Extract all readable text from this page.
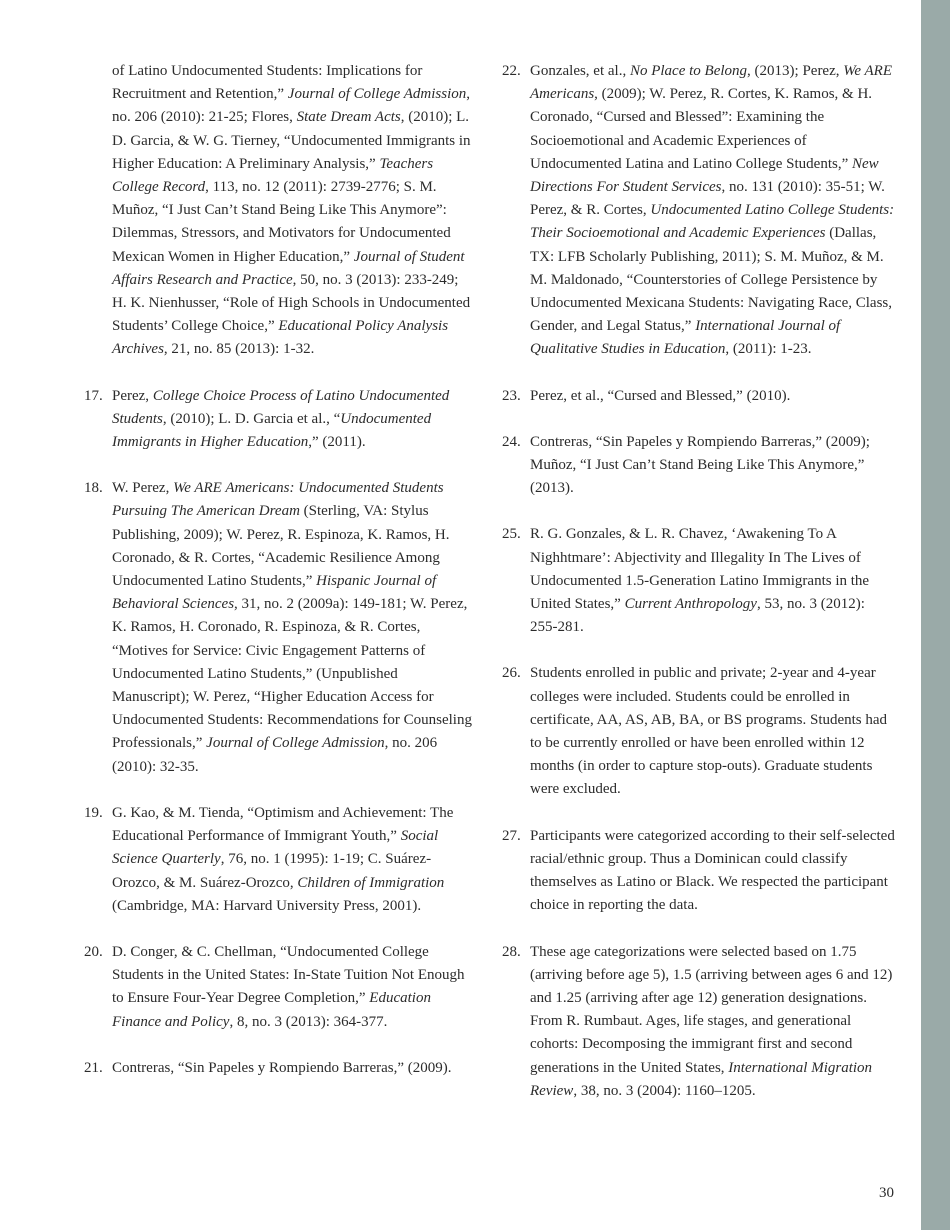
of Latino Undocumented Students: Implications for Recruitment and Retention,” Journal of College Admission, no. 206 (2010): 21-25; Flores, State Dream Acts, (2010); L. D. Garcia, & W. G. Tierney, “Undocumented Immigrants in Higher Education: A Preliminary Analysis,” Teachers College Record, 113, no. 12 (2011): 2739-2776; S. M. Muñoz, “I Just Can’t Stand Being Like This Anymore”: Dilemmas, Stressors, and Motivators for Undocumented Mexican Women in Higher Education,” Journal of Student Affairs Research and Practice, 50, no. 3 (2013): 233-249; H. K. Nienhusser, “Role of High Schools in Undocumented Students’ College Choice,” Educational Policy Analysis Archives, 21, no. 85 (2013): 1-32.
17. Perez, College Choice Process of Latino Undocumented Students, (2010); L. D. Garcia et al., “Undocumented Immigrants in Higher Education,” (2011).
18. W. Perez, We ARE Americans: Undocumented Students Pursuing The American Dream (Sterling, VA: Stylus Publishing, 2009); W. Perez, R. Espinoza, K. Ramos, H. Coronado, & R. Cortes, “Academic Resilience Among Undocumented Latino Students,” Hispanic Journal of Behavioral Sciences, 31, no. 2 (2009a): 149-181; W. Perez, K. Ramos, H. Coronado, R. Espinoza, & R. Cortes, “Motives for Service: Civic Engagement Patterns of Undocumented Latino Students,” (Unpublished Manuscript); W. Perez, “Higher Education Access for Undocumented Students: Recommendations for Counseling Professionals,” Journal of College Admission, no. 206 (2010): 32-35.
19. G. Kao, & M. Tienda, “Optimism and Achievement: The Educational Performance of Immigrant Youth,” Social Science Quarterly, 76, no. 1 (1995): 1-19; C. Suárez-Orozco, & M. Suárez-Orozco, Children of Immigration (Cambridge, MA: Harvard University Press, 2001).
20. D. Conger, & C. Chellman, “Undocumented College Students in the United States: In-State Tuition Not Enough to Ensure Four-Year Degree Completion,” Education Finance and Policy, 8, no. 3 (2013): 364-377.
21. Contreras, “Sin Papeles y Rompiendo Barreras,” (2009).
22. Gonzales, et al., No Place to Belong, (2013); Perez, We ARE Americans, (2009); W. Perez, R. Cortes, K. Ramos, & H. Coronado, “Cursed and Blessed”: Examining the Socioemotional and Academic Experiences of Undocumented Latina and Latino College Students,” New Directions For Student Services, no. 131 (2010): 35-51; W. Perez, & R. Cortes, Undocumented Latino College Students: Their Socioemotional and Academic Experiences (Dallas, TX: LFB Scholarly Publishing, 2011); S. M. Muñoz, & M. M. Maldonado, “Counterstories of College Persistence by Undocumented Mexicana Students: Navigating Race, Class, Gender, and Legal Status,” International Journal of Qualitative Studies in Education, (2011): 1-23.
23. Perez, et al., “Cursed and Blessed,” (2010).
24. Contreras, “Sin Papeles y Rompiendo Barreras,” (2009); Muñoz, “I Just Can’t Stand Being Like This Anymore,” (2013).
25. R. G. Gonzales, & L. R. Chavez, ‘Awakening To A Nighhtmare’: Abjectivity and Illegality In The Lives of Undocumented 1.5-Generation Latino Immigrants in the United States,” Current Anthropology, 53, no. 3 (2012): 255-281.
26. Students enrolled in public and private; 2-year and 4-year colleges were included. Students could be enrolled in certificate, AA, AS, AB, BA, or BS programs. Students had to be currently enrolled or have been enrolled within 12 months (in order to capture stop-outs). Graduate students were excluded.
27. Participants were categorized according to their self-selected racial/ethnic group. Thus a Dominican could classify themselves as Latino or Black. We respected the participant choice in reporting the data.
28. These age categorizations were selected based on 1.75 (arriving before age 5), 1.5 (arriving between ages 6 and 12) and 1.25 (arriving after age 12) generation designations. From R. Rumbaut. Ages, life stages, and generational cohorts: Decomposing the immigrant first and second generations in the United States, International Migration Review, 38, no. 3 (2004): 1160–1205.
30
